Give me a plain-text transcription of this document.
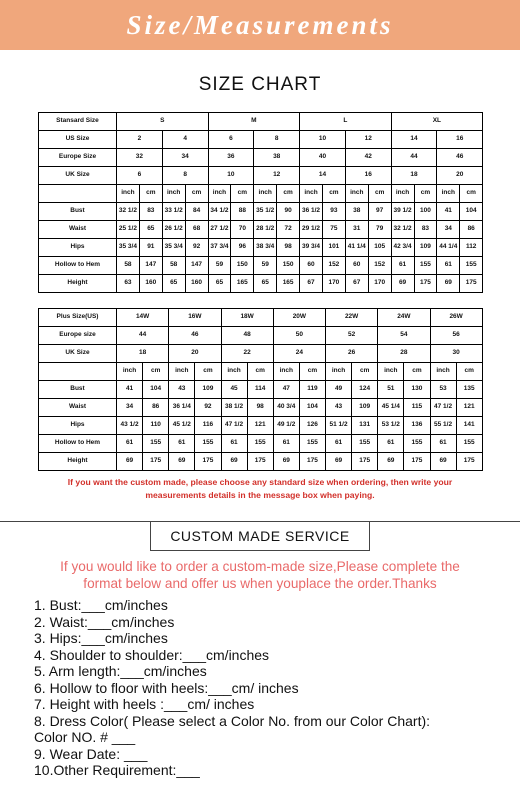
Size/Measurements
SIZE CHART
Stansard Size	S				M				L				XL			
US Size	2		4		6		8		10		12		14		16	
Europe Size	32		34		36		38		40		42		44		46	
UK Size	6		8		10		12		14		16		18		20	
	inch	cm	inch	cm	inch	cm	inch	cm	inch	cm	inch	cm	inch	cm	inch	cm
Bust	32 1/2	83	33 1/2	84	34 1/2	88	35 1/2	90	36 1/2	93	38	97	39 1/2	100	41	104
Waist	25 1/2	65	26 1/2	68	27 1/2	70	28 1/2	72	29 1/2	75	31	79	32 1/2	83	34	86
Hips	35 3/4	91	35 3/4	92	37 3/4	96	38 3/4	98	39 3/4	101	41 1/4	105	42 3/4	109	44 1/4	112
Hollow to Hem	58	147	58	147	59	150	59	150	60	152	60	152	61	155	61	155
Height	63	160	65	160	65	165	65	165	67	170	67	170	69	175	69	175
Plus Size(US)	14W		16W		18W		20W		22W		24W		26W	
Europe size	44		46		48		50		52		54		56	
UK Size	18		20		22		24		26		28		30	
	inch	cm	inch	cm	inch	cm	inch	cm	inch	cm	inch	cm	inch	cm
Bust	41	104	43	109	45	114	47	119	49	124	51	130	53	135
Waist	34	86	36 1/4	92	38 1/2	98	40 3/4	104	43	109	45 1/4	115	47 1/2	121
Hips	43 1/2	110	45 1/2	116	47 1/2	121	49 1/2	126	51 1/2	131	53 1/2	136	55 1/2	141
Hollow to Hem	61	155	61	155	61	155	61	155	61	155	61	155	61	155
Height	69	175	69	175	69	175	69	175	69	175	69	175	69	175
If you want the custom made, please choose any standard size when ordering, then write your
measurements details in the message box when paying.
CUSTOM MADE SERVICE
If you would like to order a custom-made size,Please complete the
format below and offer us when youplace the order.Thanks
1. Bust:___cm/inches
2. Waist:___cm/inches
3. Hips:___cm/inches
4. Shoulder to shoulder:___cm/inches
5. Arm length:___cm/inches
6. Hollow to floor with heels:___cm/ inches
7. Height with heels :___cm/ inches
8. Dress Color( Please select a Color No. from our Color Chart):
Color NO. # ___
9. Wear Date: ___
10.Other Requirement:___
